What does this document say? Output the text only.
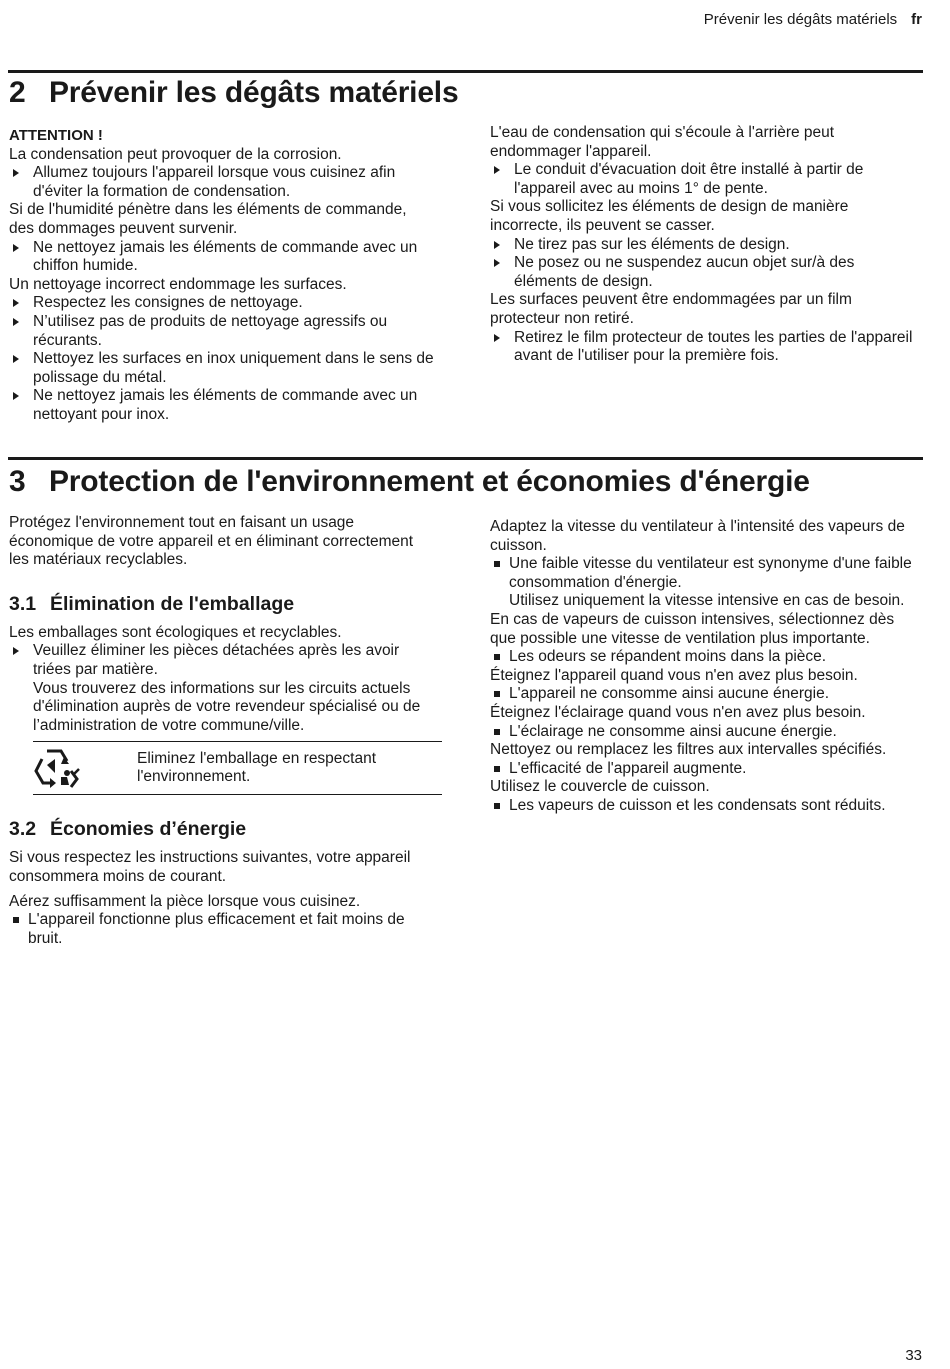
Prévenir les dégâts matériels fr
2 Prévenir les dégâts matériels

ATTENTION !

La condensation peut provoquer de la corrosion.

Allumez toujours l'appareil lorsque vous cuisinez afin d'éviter la formation de condensation.

Si de l'humidité pénètre dans les éléments de commande, des dommages peuvent survenir.

Ne nettoyez jamais les éléments de commande avec un chiffon humide.

Un nettoyage incorrect endommage les surfaces.

Respectez les consignes de nettoyage.

N’utilisez pas de produits de nettoyage agressifs ou récurants.

Nettoyez les surfaces en inox uniquement dans le sens de polissage du métal.

Ne nettoyez jamais les éléments de commande avec un nettoyant pour inox.

L'eau de condensation qui s'écoule à l'arrière peut endommager l'appareil.

Le conduit d'évacuation doit être installé à partir de l'appareil avec au moins 1° de pente.

Si vous sollicitez les éléments de design de manière incorrecte, ils peuvent se casser.

Ne tirez pas sur les éléments de design.

Ne posez ou ne suspendez aucun objet sur/à des éléments de design.

Les surfaces peuvent être endommagées par un film protecteur non retiré.

Retirez le film protecteur de toutes les parties de l'appareil avant de l'utiliser pour la première fois.

3 Protection de l'environnement et économies d'énergie

Protégez l'environnement tout en faisant un usage économique de votre appareil et en éliminant correctement les matériaux recyclables.

3.1 Élimination de l'emballage

Les emballages sont écologiques et recyclables.

Veuillez éliminer les pièces détachées après les avoir triées par matière.

Vous trouverez des informations sur les circuits actuels d'élimination auprès de votre revendeur spécialisé ou de l’administration de votre commune/ville.

Eliminez l'emballage en respectant l'environnement.

3.2 Économies d’énergie

Si vous respectez les instructions suivantes, votre appareil consommera moins de courant.

Aérez suffisamment la pièce lorsque vous cuisinez.

L'appareil fonctionne plus efficacement et fait moins de bruit.

Adaptez la vitesse du ventilateur à l'intensité des vapeurs de cuisson.

Une faible vitesse du ventilateur est synonyme d'une faible consommation d'énergie.

Utilisez uniquement la vitesse intensive en cas de besoin.

En cas de vapeurs de cuisson intensives, sélectionnez dès que possible une vitesse de ventilation plus importante.

Les odeurs se répandent moins dans la pièce.

Éteignez l'appareil quand vous n'en avez plus besoin.

L'appareil ne consomme ainsi aucune énergie.

Éteignez l'éclairage quand vous n'en avez plus besoin.

L'éclairage ne consomme ainsi aucune énergie.

Nettoyez ou remplacez les filtres aux intervalles spécifiés.

L'efficacité de l'appareil augmente.

Utilisez le couvercle de cuisson.

Les vapeurs de cuisson et les condensats sont réduits.

33
